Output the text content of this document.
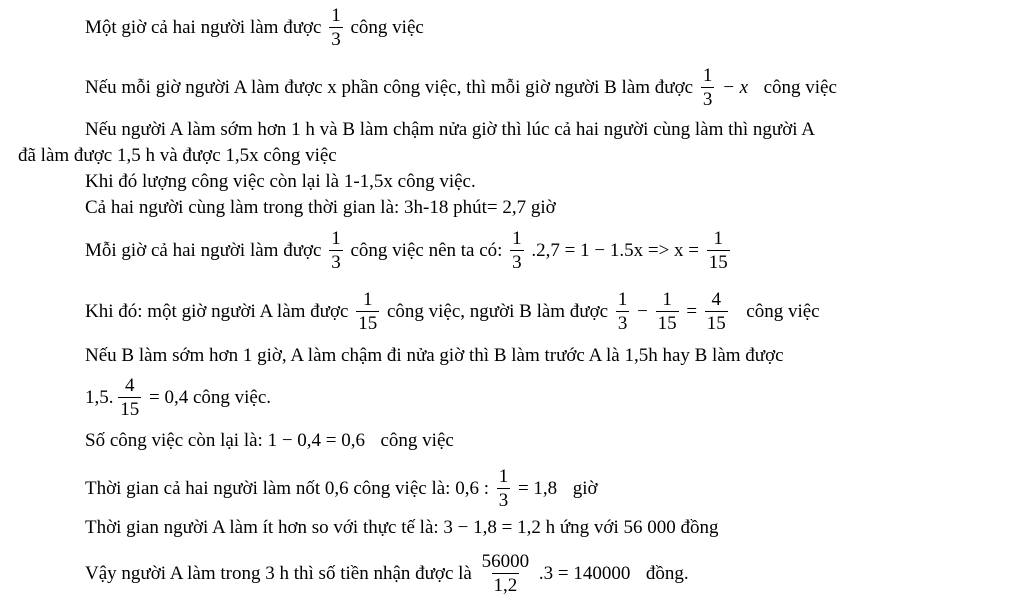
Một giờ cả hai người làm được $\frac{1}{3}$ công việc
Nếu mỗi giờ người A làm được x phần công việc, thì mỗi giờ người B làm được $\frac{1}{3} - x$ công việc
Nếu người A làm sớm hơn 1 h và B làm chậm nửa giờ thì lúc cả hai người cùng làm thì người A
đã làm được 1,5 h và được 1,5x công việc
Khi đó lượng công việc còn lại là 1-1,5x công việc.
Cả hai người cùng làm trong thời gian là: 3h-18 phút= 2,7 giờ
Mỗi giờ cả hai người làm được $\frac{1}{3}$ công việc nên ta có: $\frac{1}{3} .2,7 = 1 - 1.5x => x = \frac{1}{15}$
Khi đó: một giờ người A làm được $\frac{1}{15}$ công việc, người B làm được $\frac{1}{3} - \frac{1}{15} = \frac{4}{15}$ công việc
Nếu B làm sớm hơn 1 giờ, A làm chậm đi nửa giờ thì B làm trước A là 1,5h hay B làm được
1,5. $\frac{4}{15} = 0,4$ công việc.
Số công việc còn lại là: 1 − 0,4 = 0,6 công việc
Thời gian cả hai người làm nốt 0,6 công việc là: 0,6 : $\frac{1}{3} = 1,8$ giờ
Thời gian người A làm ít hơn so với thực tế là: 3 − 1,8 = 1,2 h ứng với 56 000 đồng
Vậy người A làm trong 3 h thì số tiền nhận được là $\frac{56000}{1,2} .3 = 140000$ đồng.
